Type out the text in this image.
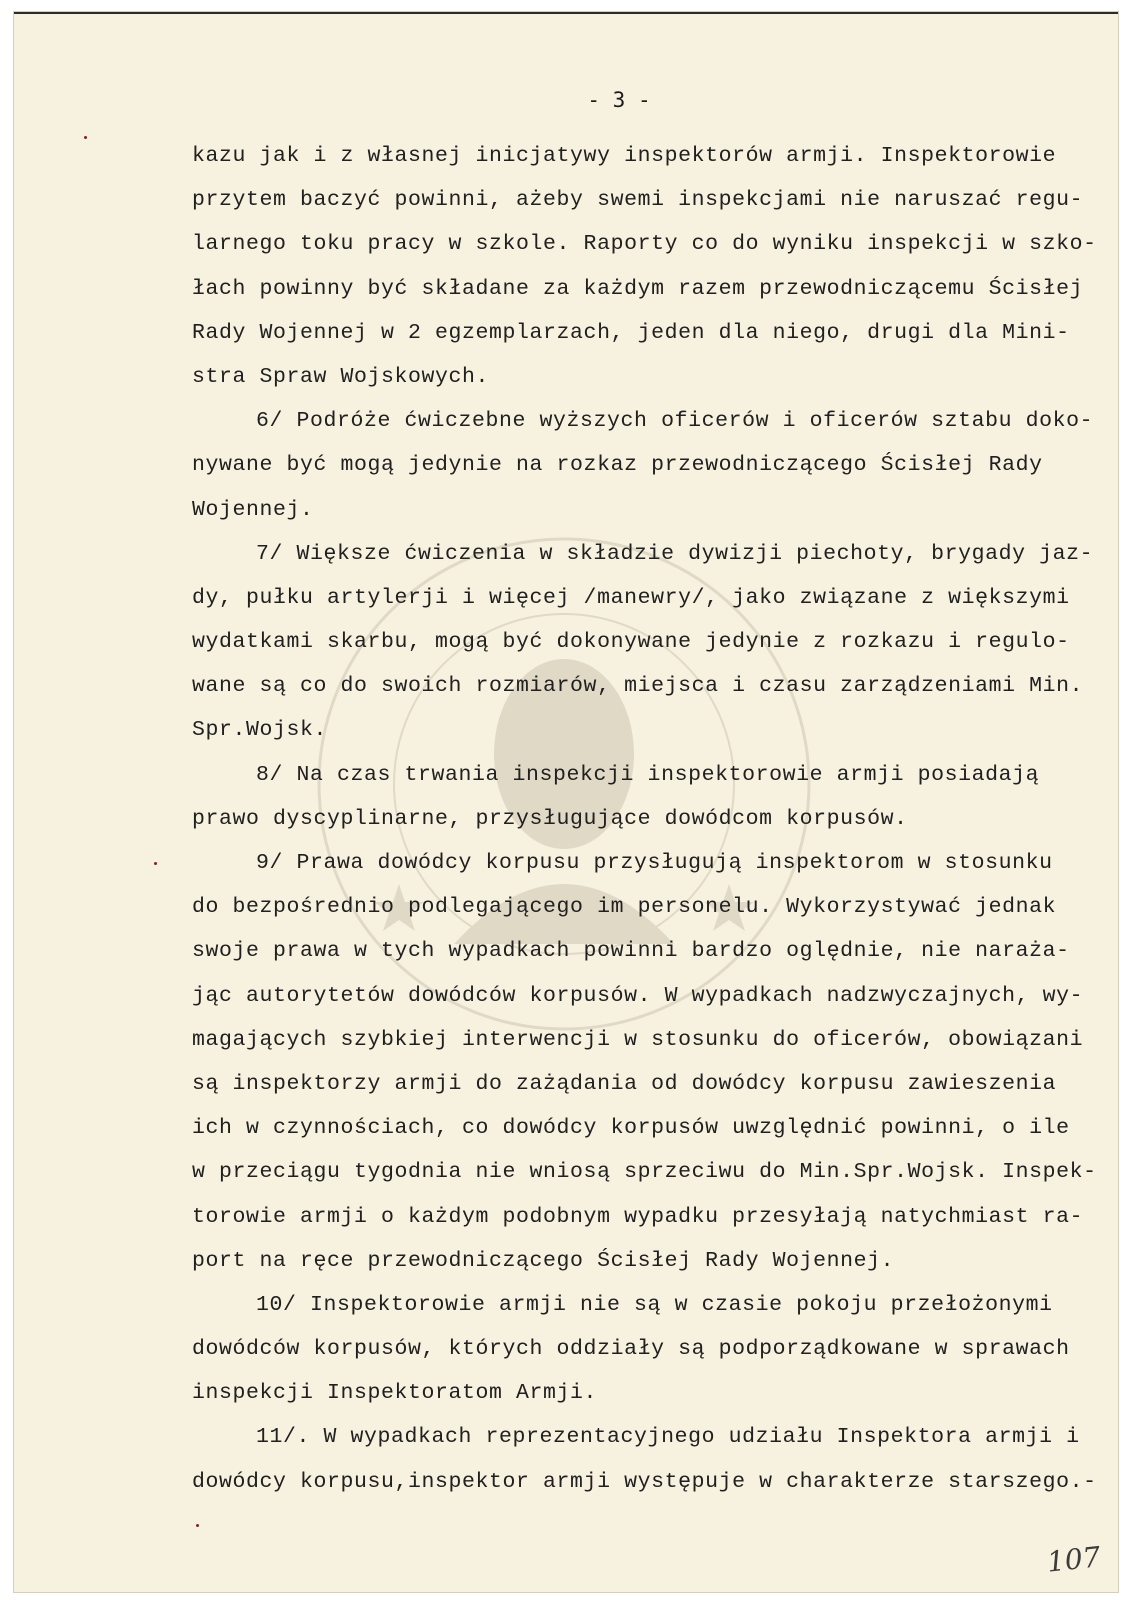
- 3 -
kazu jak i z własnej inicjatywy inspektorów armji. Inspektorowie
przytem baczyć powinni, ażeby swemi inspekcjami nie naruszać regu-
larnego toku pracy w szkole. Raporty co do wyniku inspekcji w szko-
łach powinny być składane za każdym razem przewodniczącemu Ścisłej
Rady Wojennej w 2 egzemplarzach, jeden dla niego, drugi dla Mini-
stra Spraw Wojskowych.
6/ Podróże ćwiczebne wyższych oficerów i oficerów sztabu doko-
nywane być mogą jedynie na rozkaz przewodniczącego Ścisłej Rady
Wojennej.
7/ Większe ćwiczenia w składzie dywizji piechoty, brygady jaz-
dy, pułku artylerji i więcej /manewry/, jako związane z większymi
wydatkami skarbu, mogą być dokonywane jedynie z rozkazu i regulo-
wane są co do swoich rozmiarów, miejsca i czasu zarządzeniami Min.
Spr.Wojsk.
8/ Na czas trwania inspekcji inspektorowie armji posiadają
prawo dyscyplinarne, przysługujące dowódcom korpusów.
9/ Prawa dowódcy korpusu przysługują inspektorom w stosunku
do bezpośrednio podlegającego im personelu. Wykorzystywać jednak
swoje prawa w tych wypadkach powinni bardzo oględnie, nie naraża-
jąc autorytetów dowódców korpusów. W wypadkach nadzwyczajnych, wy-
magających szybkiej interwencji w stosunku do oficerów, obowiązani
są inspektorzy armji do zażądania od dowódcy korpusu zawieszenia
ich w czynnościach, co dowódcy korpusów uwzględnić powinni, o ile
w przeciągu tygodnia nie wniosą sprzeciwu do Min.Spr.Wojsk. Inspek-
torowie armji o każdym podobnym wypadku przesyłają natychmiast ra-
port na ręce przewodniczącego Ścisłej Rady Wojennej.
10/ Inspektorowie armji nie są w czasie pokoju przełożonymi
dowódców korpusów, których oddziały są podporządkowane w sprawach
inspekcji Inspektoratom Armji.
11/. W wypadkach reprezentacyjnego udziału Inspektora armji i
dowódcy korpusu,inspektor armji występuje w charakterze starszego.-
107
